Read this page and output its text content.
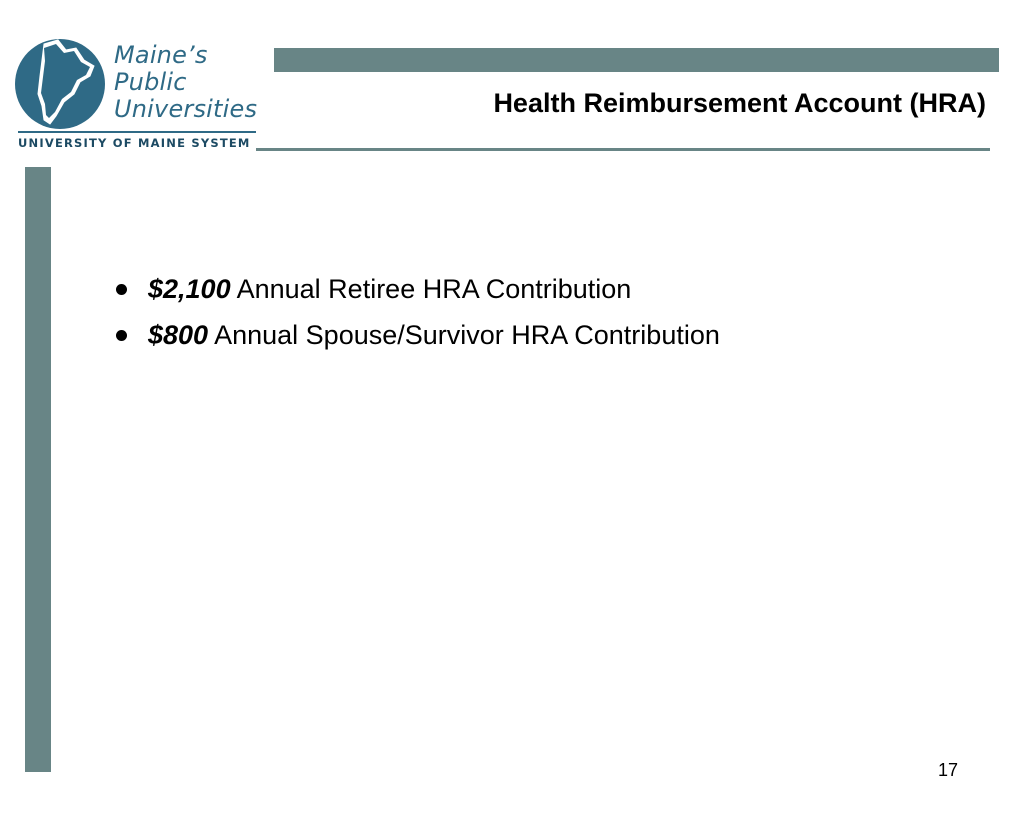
Maine’s
Public
Universities
UNIVERSITY OF MAINE SYSTEM
Health Reimbursement Account (HRA)
$2,100 Annual Retiree HRA Contribution
$800 Annual Spouse/Survivor HRA Contribution
17
